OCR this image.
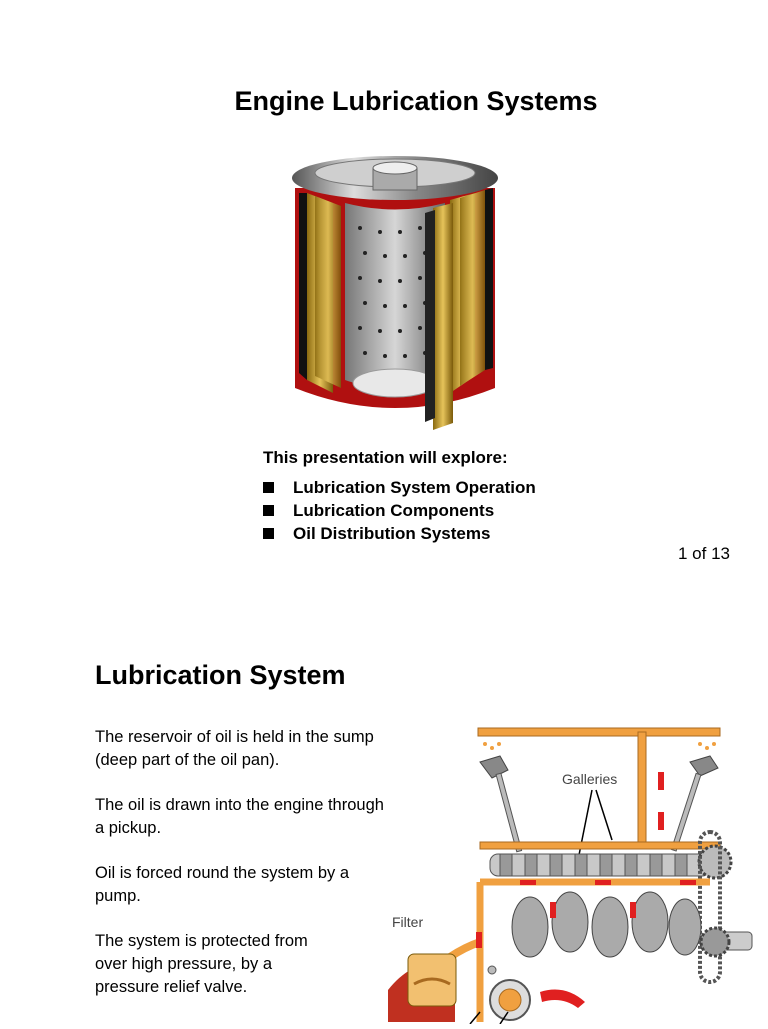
Engine Lubrication Systems
This presentation will explore:
Lubrication System Operation
Lubrication Components
Oil Distribution Systems
1 of 13
Lubrication System
The reservoir of oil is held in the sump (deep part of the oil pan).
The oil is drawn into the engine through a pickup.
Oil is forced round the system by a pump.
The system is protected from over high pressure, by a pressure relief valve.
Galleries
Filter
